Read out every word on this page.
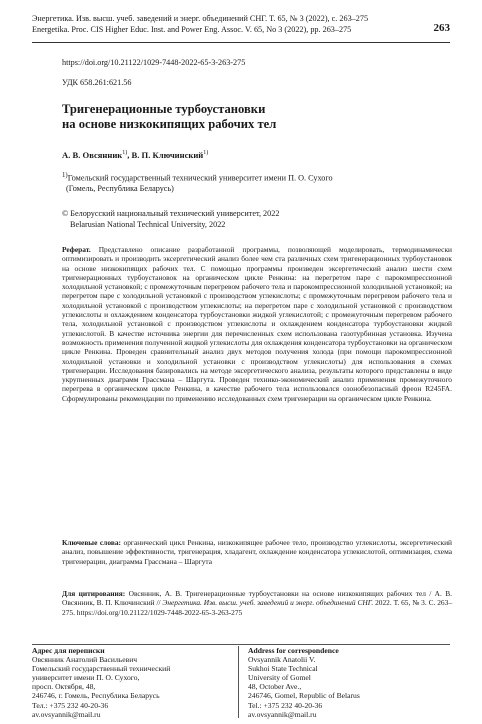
Энергетика. Изв. высш. учеб. заведений и энерг. объединений СНГ. Т. 65, № 3 (2022), с. 263–275
Energetika. Proc. CIS Higher Educ. Inst. and Power Eng. Assoc. V. 65, No 3 (2022), pp. 263–275	263
https://doi.org/10.21122/1029-7448-2022-65-3-263-275
УДК 658.261:621.56
Тригенерационные турбоустановки
на основе низкокипящих рабочих тел
А. В. Овсянник$^{1)}$, В. П. Ключинский$^{1)}$
$^{1)}$Гомельский государственный технический университет имени П. О. Сухого
(Гомель, Республика Беларусь)
© Белорусский национальный технический университет, 2022
Belarusian National Technical University, 2022
Реферат. Представлено описание разработанной программы, позволяющей моделировать, термодинамически оптимизировать и производить эксергетический анализ более чем ста различных схем тригенерационных турбоустановок на основе низкокипящих рабочих тел. С помощью программы произведен эксергетический анализ шести схем тригенерационных турбоустановок на органическом цикле Ренкина: на перегретом паре с парокомпрессионной холодильной установкой; с промежуточным перегревом рабочего тела и парокомпрессионной холодильной установкой; на перегретом паре с холодильной установкой с производством углекислоты; с промежуточным перегревом рабочего тела и холодильной установкой с производством углекислоты; на перегретом паре с холодильной установкой с производством углекислоты и охлаждением конденсатора турбоустановки жидкой углекислотой; с промежуточным перегревом рабочего тела, холодильной установкой с производством углекислоты и охлаждением конденсатора турбоустановки жидкой углекислотой. В качестве источника энергии для перечисленных схем использована газотурбинная установка. Изучена возможность применения полученной жидкой углекислоты для охлаждения конденсатора турбоустановки на органическом цикле Ренкина. Проведен сравнительный анализ двух методов получения холода (при помощи парокомпрессионной холодильной установки и холодильной установки с производством углекислоты) для использования в схемах тригенерации. Исследования базировались на методе эксергетического анализа, результаты которого представлены в виде укрупненных диаграмм Грассмана – Шаргута. Проведен технико-экономический анализ применения промежуточного перегрева в органическом цикле Ренкина, в качестве рабочего тела использовался озонобезопасный фреон R245FA. Сформулированы рекомендации по применению исследованных схем тригенерации на органическом цикле Ренкина.
Ключевые слова: органический цикл Ренкина, низкокипящее рабочее тело, производство углекислоты, эксергетический анализ, повышение эффективности, тригенерация, хладагент, охлаждение конденсатора углекислотой, оптимизация, схема тригенерации, диаграмма Грассмана – Шаргута
Для цитирования: Овсянник, А. В. Тригенерационные турбоустановки на основе низкокипящих рабочих тел / А. В. Овсянник, В. П. Ключинский // Энергетика. Изв. высш. учеб. заведений и энерг. объединений СНГ. 2022. Т. 65, № 3. С. 263–275. https://doi.org/10.21122/1029-7448-2022-65-3-263-275
Адрес для переписки
Овсянник Анатолий Васильевич
Гомельский государственный технический
университет имени П. О. Сухого,
просп. Октября, 48,
246746, г. Гомель, Республика Беларусь
Тел.: +375 232 40-20-36
av.ovsyannik@mail.ru
Address for correspondence
Ovsyannik Anatolii V.
Sukhoi State Technical
University of Gomel
48, October Ave.,
246746, Gomel, Republic of Belarus
Tel.: +375 232 40-20-36
av.ovsyannik@mail.ru
